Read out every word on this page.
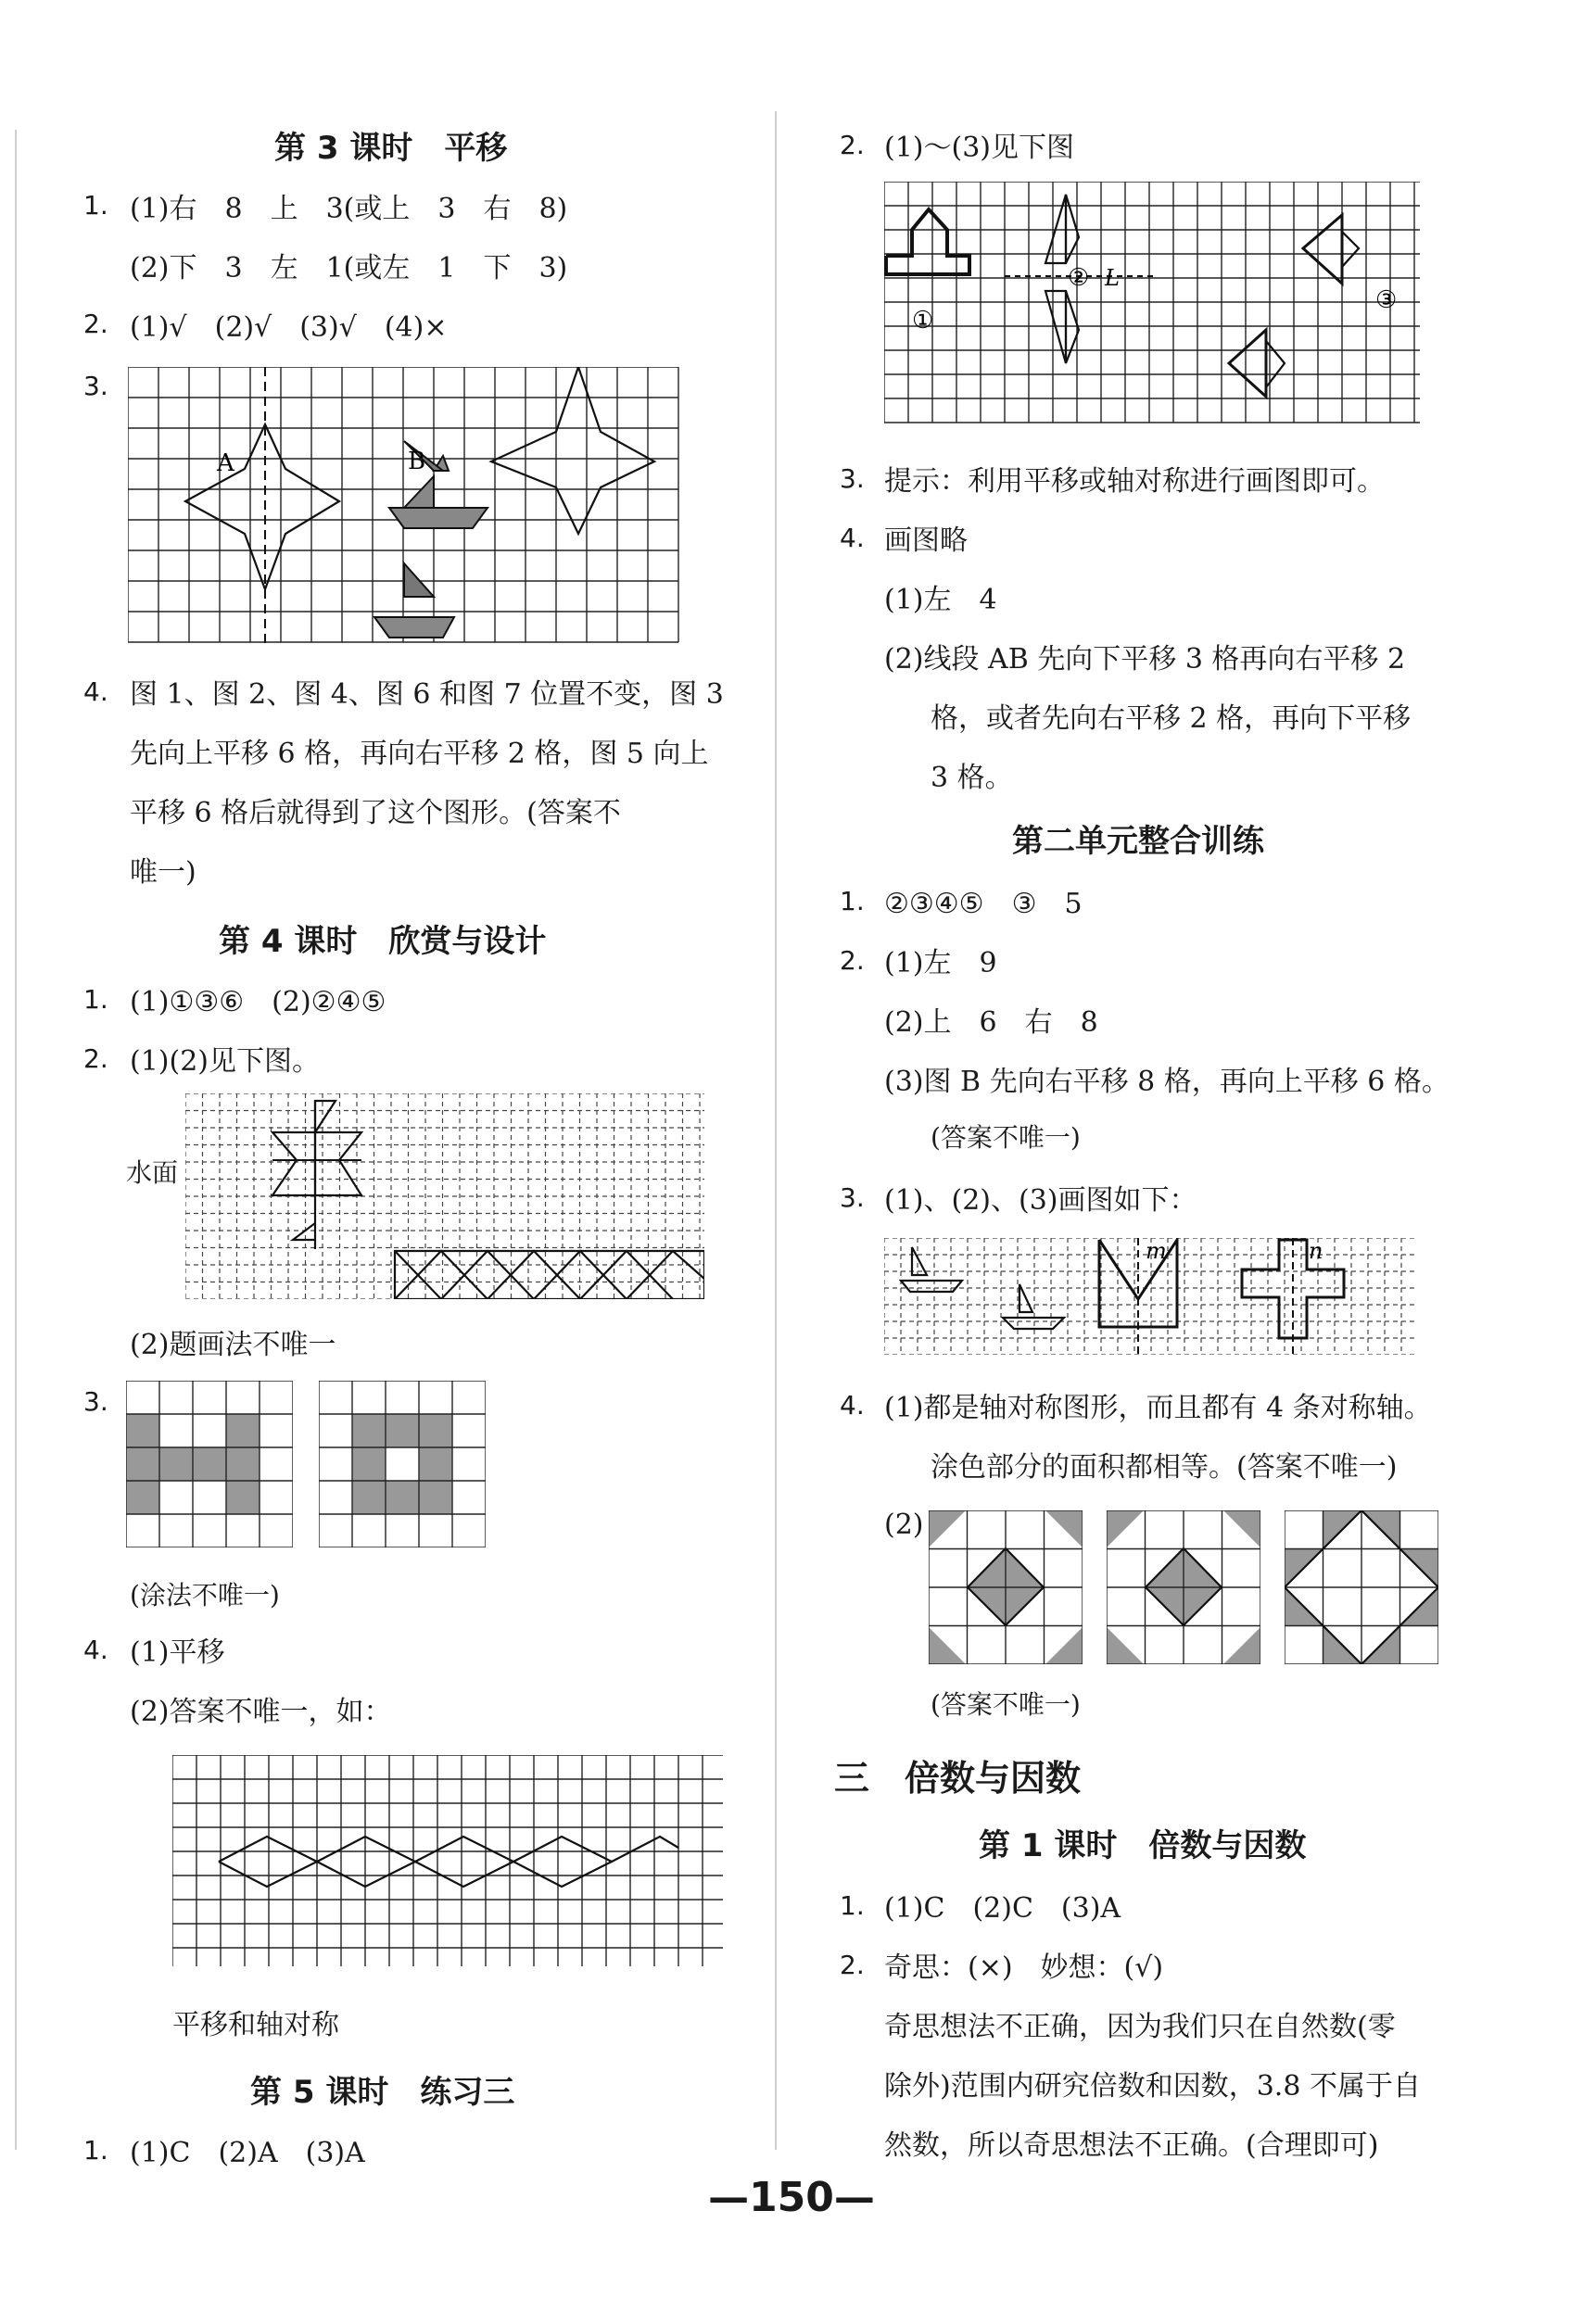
第 3 课时　平移
1. (1)右　8　上　3(或上　3　右　8)
(2)下　3　左　1(或左　1　下　3)
2. (1)√　(2)√　(3)√　(4)×
3.
A	B
4. 图 1、图 2、图 4、图 6 和图 7 位置不变，图 3
先向上平移 6 格，再向右平移 2 格，图 5 向上
平移 6 格后就得到了这个图形。(答案不
唯一)
第 4 课时　欣赏与设计
1. (1)①③⑥　(2)②④⑤
2. (1)(2)见下图。
水面
(2)题画法不唯一
3.
(涂法不唯一)
4. (1)平移
(2)答案不唯一，如：
平移和轴对称
第 5 课时　练习三
1. (1)C　(2)A　(3)A
2. (1)～(3)见下图
L
①
②
③
3. 提示：利用平移或轴对称进行画图即可。
4. 画图略
(1)左　4
(2)线段 AB 先向下平移 3 格再向右平移 2
格，或者先向右平移 2 格，再向下平移
3 格。
第二单元整合训练
1. ②③④⑤　③　5
2. (1)左　9
(2)上　6　右　8
(3)图 B 先向右平移 8 格，再向上平移 6 格。
(答案不唯一)
3. (1)、(2)、(3)画图如下：
m	n
4. (1)都是轴对称图形，而且都有 4 条对称轴。
涂色部分的面积都相等。(答案不唯一)
(2)
(答案不唯一)
三　倍数与因数
第 1 课时　倍数与因数
1. (1)C　(2)C　(3)A
2. 奇思：(×)　妙想：(√)
奇思想法不正确，因为我们只在自然数(零
除外)范围内研究倍数和因数，3.8 不属于自
然数，所以奇思想法不正确。(合理即可)
—150—
